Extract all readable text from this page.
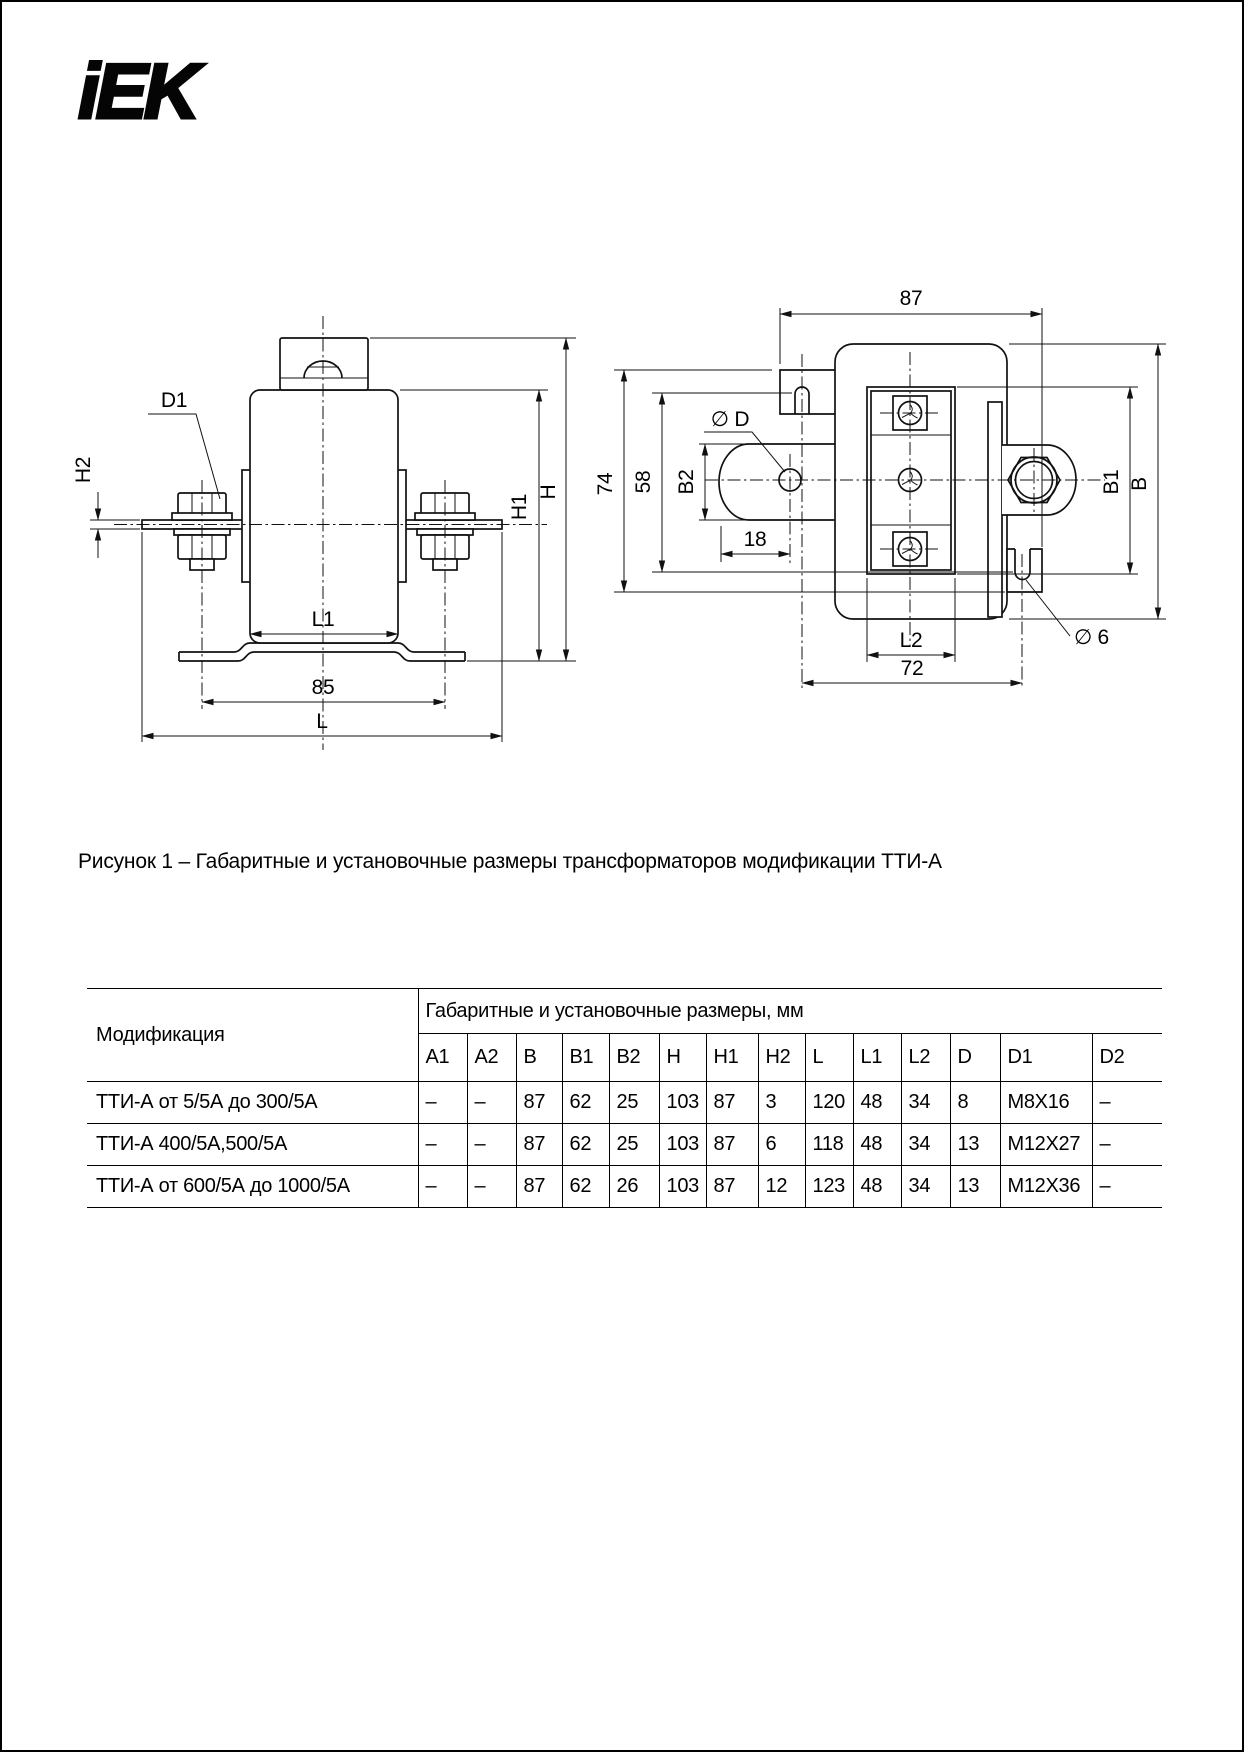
iEK
D1
H2
L1
85
L
H1
H
87
74 58 B2
∅ D
18
L2
72
B1 B
∅ 6
Рисунок 1 – Габаритные и установочные размеры трансформаторов модификации ТТИ-А
Модификация	Габаритные и установочные размеры, мм													
	A1	A2	B	B1	B2	H	H1	H2	L	L1	L2	D	D1	D2
ТТИ-А от 5/5А до 300/5А	–	–	87	62	25	103	87	3	120	48	34	8	M8X16	–
ТТИ-А 400/5А,500/5А	–	–	87	62	25	103	87	6	118	48	34	13	M12X27	–
ТТИ-А от 600/5А до 1000/5А	–	–	87	62	26	103	87	12	123	48	34	13	M12X36	–
